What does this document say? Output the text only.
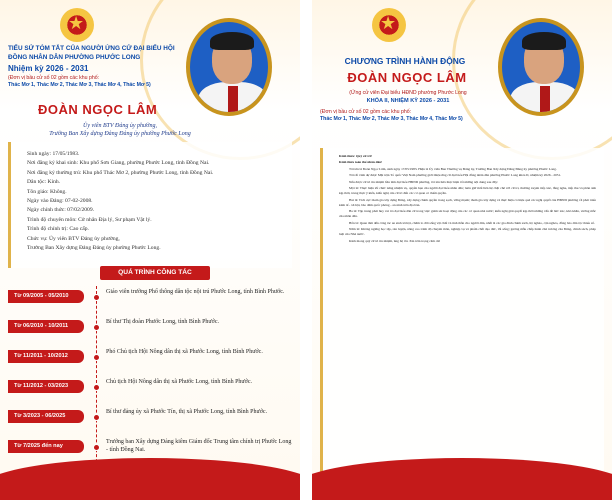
★
TIỂU SỬ TÓM TẮT CỦA NGƯỜI ỨNG CỬ ĐẠI BIỂU HỘI ĐỒNG NHÂN DÂN PHƯỜNG PHƯỚC LONG
Nhiệm kỳ 2026 - 2031
(Đơn vị bầu cử số 02 gồm các khu phố:
Thác Mơ 1, Thác Mơ 2, Thác Mơ 3, Thác Mơ 4, Thác Mơ 5)
ĐOÀN NGỌC LÂM
Ủy viên BTV Đảng ủy phường,
Trưởng Ban Xây dựng Đảng Đảng ủy phường Phước Long
Sinh ngày: 17/05/1983.
Nơi đăng ký khai sinh: Khu phố Sơn Giang, phường Phước Long, tỉnh Đồng Nai.
Nơi đăng ký thường trú: Khu phố Thác Mơ 2, phường Phước Long, tỉnh Đồng Nai.
Dân tộc: Kinh.
Tôn giáo: Không.
Ngày vào Đảng: 07-02-2008.
Ngày chính thức: 07/02/2009.
Trình độ chuyên môn: Cử nhân Địa lý, Sư phạm Vật lý.
Trình độ chính trị: Cao cấp.
Chức vụ: Ủy viên BTV Đảng ủy phường,
Trưởng Ban Xây dựng Đảng Đảng ủy phường Phước Long.
QUÁ TRÌNH CÔNG TÁC
Từ 09/2005 - 05/2010
Giáo viên trường Phổ thông dân tộc nội trú Phước Long, tỉnh Bình Phước.
Từ 06/2010 - 10/2011
Bí thư Thị đoàn Phước Long, tỉnh Bình Phước.
Từ 11/2011 - 10/2012
Phó Chủ tịch Hội Nông dân thị xã Phước Long, tỉnh Bình Phước.
Từ 11/2012 - 03/2023
Chủ tịch Hội Nông dân thị xã Phước Long, tỉnh Bình Phước.
Từ 3/2023 - 06/2025
Bí thư đảng ủy xã Phước Tín, thị xã Phước Long, tỉnh Bình Phước.
Từ 7/2025 đến nay
Trưởng ban Xây dựng Đảng kiêm Giám đốc Trung tâm chính trị Phước Long - tỉnh Đồng Nai.
★
CHƯƠNG TRÌNH HÀNH ĐỘNG
ĐOÀN NGỌC LÂM
(Ứng cử viên Đại biểu HĐND phường Phước Long
KHÓA II, NHIỆM KỲ 2026 - 2031
(Đơn vị bầu cử số 02 gồm các khu phố:
Thác Mơ 1, Thác Mơ 2, Thác Mơ 3, Thác Mơ 4, Thác Mơ 5)

Kính thưa: Quý cử tri!

Kính thưa toàn thể nhân dân!

Tôi tên là Đoàn Ngọc Lâm, sinh ngày 17/05/1983. Hiện là Ủy viên Ban Thường vụ Đảng ủy, Trưởng Ban Xây dựng Đảng Đảng ủy phường Phước Long.

Tôi rất vinh dự được Mặt trận Tổ quốc Việt Nam phường giới thiệu ứng cử đại biểu Hội đồng nhân dân phường Phước Long khóa II, nhiệm kỳ 2026 - 2031.

Nếu được cử tri tín nhiệm bầu làm đại biểu HĐND phường, tôi xin hứa thực hiện tốt những nội dung sau đây:

Một là: Thực hiện tốt chức năng nhiệm vụ, quyền hạn của người đại biểu nhân dân; luôn giữ mối liên hệ chặt chẽ với cử tri, thường xuyên tiếp xúc, lắng nghe, tiếp thu và phản ánh kịp thời, trung thực ý kiến, kiến nghị của cử tri đến các cơ quan có thẩm quyền.

Hai là: Tích cực tham gia xây dựng Đảng, xây dựng chính quyền trong sạch, vững mạnh; tham gia xây dựng và thực hiện có hiệu quả các nghị quyết của HĐND phường về phát triển kinh tế - xã hội, bảo đảm quốc phòng - an ninh trên địa bàn.

Ba là: Tập trung phát huy vai trò đại biểu dân cử trong việc giám sát hoạt động của các cơ quan nhà nước; kiến nghị giải quyết kịp thời những vấn đề bức xúc, khó khăn, vướng mắc của nhân dân.

Bốn là: Quan tâm đến công tác an sinh xã hội, chăm lo đời sống vật chất và tinh thần cho người dân, nhất là các gia đình chính sách, hộ nghèo, cận nghèo, đồng bào dân tộc thiểu số.

Năm là: Không ngừng học tập, rèn luyện, nâng cao trình độ chuyên môn, nghiệp vụ và phẩm chất đạo đức, lối sống; gương mẫu chấp hành chủ trương của Đảng, chính sách, pháp luật của Nhà nước.

Kính mong quý cử tri tín nhiệm, ủng hộ tôi. Xin trân trọng cảm ơn!
